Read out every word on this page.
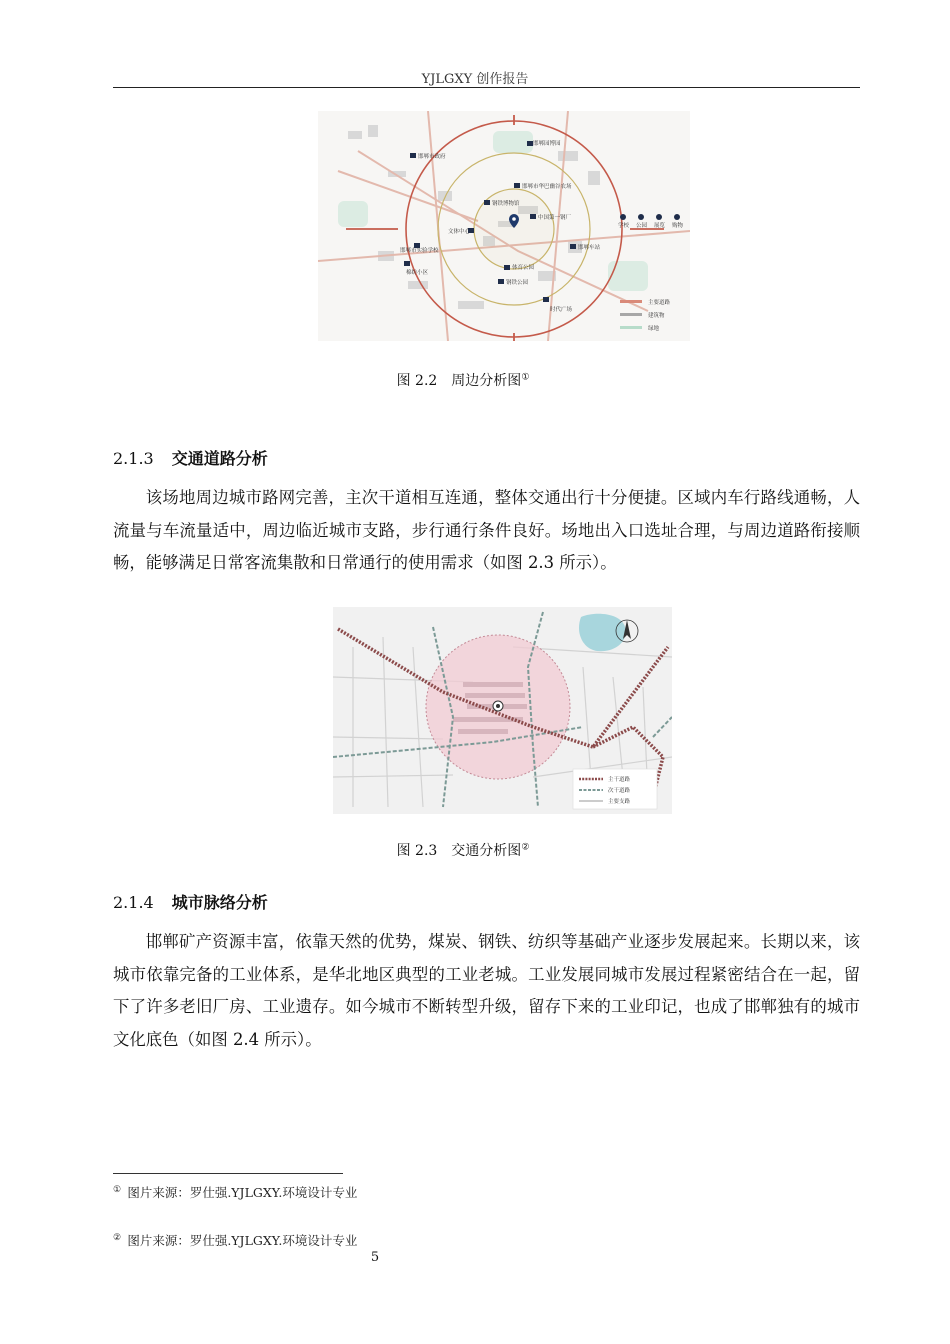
YJLGXY 创作报告
邯郸园博园
邯郸市华巴幽谷农场
邯郸市政府
邯郸车站
钢铁博物馆
中国第一钢厂
文体中心
邯郸市实验学校
棉纺小区
体育公园
钢铁公园
时代广场
学校 公园 展览 购物
主要道路
建筑物
绿地
图 2.2　周边分析图①
2.1.3 交通道路分析

该场地周边城市路网完善，主次干道相互连通，整体交通出行十分便捷。区域内车行路线通畅，人流量与车流量适中，周边临近城市支路，步行通行条件良好。场地出入口选址合理，与周边道路衔接顺畅，能够满足日常客流集散和日常通行的使用需求（如图 2.3 所示）。

主干道路
次干道路
主要支路
图 2.3　交通分析图②
2.1.4 城市脉络分析

邯郸矿产资源丰富，依靠天然的优势，煤炭、钢铁、纺织等基础产业逐步发展起来。长期以来，该城市依靠完备的工业体系，是华北地区典型的工业老城。工业发展同城市发展过程紧密结合在一起，留下了许多老旧厂房、工业遗存。如今城市不断转型升级，留存下来的工业印记，也成了邯郸独有的城市文化底色（如图 2.4 所示）。

①  图片来源：罗仕强.YJLGXY.环境设计专业
②  图片来源：罗仕强.YJLGXY.环境设计专业
5
